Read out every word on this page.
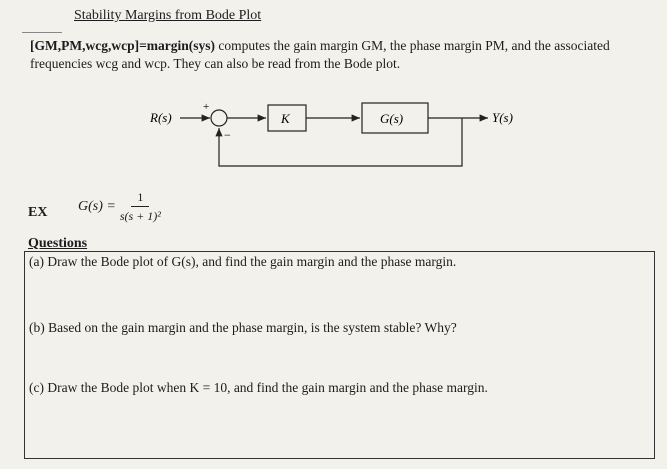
Stability Margins from Bode Plot
[GM,PM,wcg,wcp]=margin(sys) computes the gain margin GM, the phase margin PM, and the associated frequencies wcg and wcp. They can also be read from the Bode plot.
R(s)
+
−
K	G(s)	Y(s)
EX $G(s) = \frac{1}{\text{s(s + 1)²}}$
Questions
(a) Draw the Bode plot of G(s), and find the gain margin and the phase margin.
(b) Based on the gain margin and the phase margin, is the system stable? Why?
(c) Draw the Bode plot when K = 10, and find the gain margin and the phase margin.
